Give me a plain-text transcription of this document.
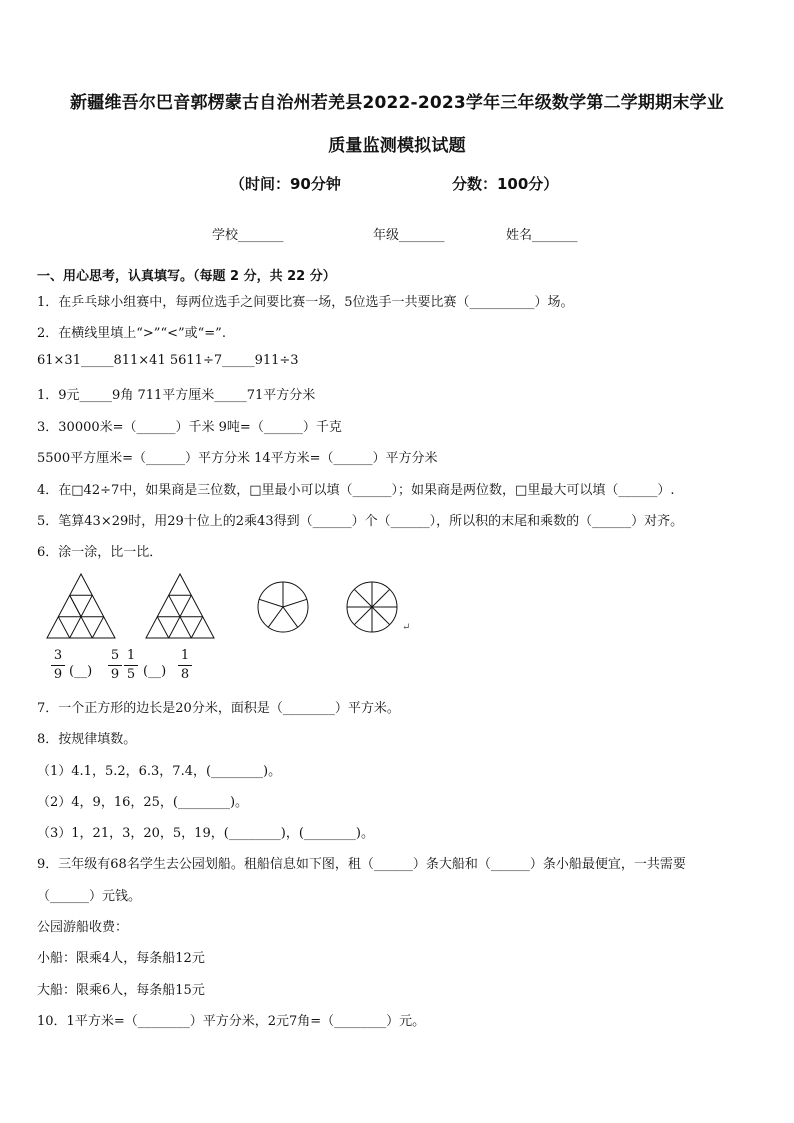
新疆维吾尔巴音郭楞蒙古自治州若羌县2022-2023学年三年级数学第二学期期末学业
质量监测模拟试题
（时间：90分钟	分数：100分）
学校_______	年级_______	姓名_______
一、用心思考，认真填写。（每题 2 分，共 22 分）
1．在乒乓球小组赛中，每两位选手之间要比赛一场，5位选手一共要比赛（__________）场。
2．在横线里填上“>”“<”或“=”.
61×31_____811×41 5611÷7_____911÷3
1．9元_____9角 711平方厘米_____71平方分米
3．30000米=（______）千米 9吨=（______）千克
5500平方厘米=（______）平方分米 14平方米=（______）平方分米
4．在□42÷7中，如果商是三位数，□里最小可以填（______）；如果商是两位数，□里最大可以填（______）.
5．笔算43×29时，用29十位上的2乘43得到（______）个（______），所以积的末尾和乘数的（______）对齐。
6．涂一涂，比一比．
↵
3
9 (__)
5
9
1
5 (__)
1
8
7．一个正方形的边长是20分米，面积是（________）平方米。
8．按规律填数。
（1）4.1，5.2，6.3，7.4，(________)。
（2）4，9，16，25，(________)。
（3）1，21，3，20，5，19，(________)，(________)。
9．三年级有68名学生去公园划船。租船信息如下图，租（______）条大船和（______）条小船最便宜，一共需要
（______）元钱。
公园游船收费：
小船：限乘4人，每条船12元
大船：限乘6人，每条船15元
10．1平方米=（________）平方分米，2元7角=（________）元。
